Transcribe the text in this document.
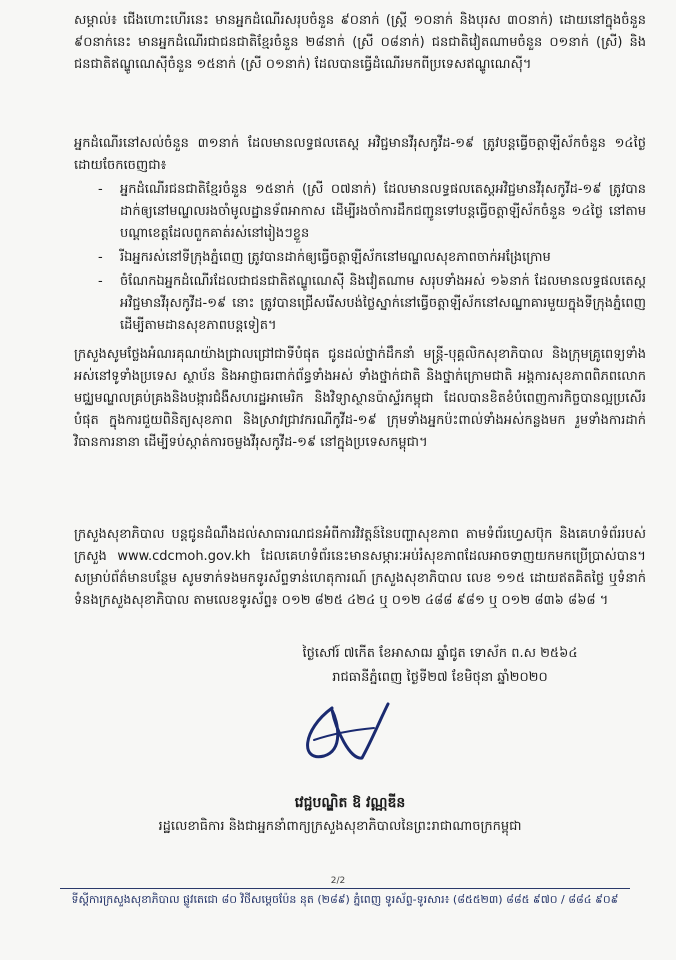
សម្គាល់៖ ជើងហោះហើរនេះ មានអ្នកដំណើរសរុបចំនួន ៩០នាក់ (ស្ត្រី ១០នាក់ និងបុរស ៣០នាក់) ដោយនៅក្នុងចំនួន ៩០នាក់នេះ មានអ្នកដំណើរជាជនជាតិខ្មែរចំនួន ២៨នាក់ (ស្រី ០៨នាក់) ជនជាតិវៀតណាមចំនួន ០១នាក់ (ស្រី) និងជនជាតិឥណ្ឌូណេស៊ីចំនួន ១៥នាក់ (ស្រី ០១នាក់) ដែលបានធ្វើដំណើរមកពីប្រទេសឥណ្ឌូណេស៊ី។

អ្នកដំណើរនៅសល់ចំនួន ៣១នាក់ ដែលមានលទ្ធផលតេស្ត អវិជ្ជមានវីរុសកូវីដ-១៩ ត្រូវបន្តធ្វើចត្តាឡីស័កចំនួន ១៤ថ្ងៃ ដោយចែកចេញជា៖

- អ្នកដំណើរជនជាតិខ្មែរចំនួន ១៥នាក់ (ស្រី ០៧នាក់) ដែលមានលទ្ធផលតេស្តអវិជ្ជមានវីរុសកូវីដ-១៩ ត្រូវបានដាក់ឲ្យនៅមណ្ឌលរងចាំមូលដ្ឋានទ័ពអាកាស ដើម្បីរងចាំការដឹកជញ្ជូនទៅបន្តធ្វើចត្តាឡីស័កចំនួន ១៤ថ្ងៃ នៅតាមបណ្តាខេត្តដែលពួកគាត់រស់នៅរៀងៗខ្លួន
- រីឯអ្នករស់នៅទីក្រុងភ្នំពេញ ត្រូវបានដាក់ឲ្យធ្វើចត្តាឡីស័កនៅមណ្ឌលសុខភាពចាក់អង្រែក្រោម
- ចំណែកឯអ្នកដំណើរដែលជាជនជាតិឥណ្ឌូណេស៊ី និងវៀតណាម សរុបទាំងអស់ ១៦នាក់ ដែលមានលទ្ធផលតេស្ត អវិជ្ជមានវីរុសកូវីដ-១៩ នោះ ត្រូវបានជ្រើសរើសបង់ថ្លៃស្នាក់នៅធ្វើចត្តាឡីស័កនៅសណ្ឋាគារមួយក្នុងទីក្រុងភ្នំពេញ ដើម្បីតាមដានសុខភាពបន្តទៀត។

ក្រសួងសូមថ្លែងអំណរគុណយ៉ាងជ្រាលជ្រៅជាទីបំផុត ជូនដល់ថ្នាក់ដឹកនាំ មន្ត្រី-បុគ្គលិកសុខាភិបាល និងក្រុមគ្រូពេទ្យទាំងអស់នៅទូទាំងប្រទេស ស្ថាប័ន និងអាជ្ញាធរពាក់ព័ន្ធទាំងអស់ ទាំងថ្នាក់ជាតិ និងថ្នាក់ក្រោមជាតិ អង្គការសុខភាពពិភពលោក មជ្ឈមណ្ឌលគ្រប់គ្រងនិងបង្ការជំងឺសហរដ្ឋអាមេរិក និងវិទ្យាស្ថានប៉ាស្ទ័រកម្ពុជា ដែលបានខិតខំបំពេញការកិច្ចបានល្អប្រសើរបំផុត ក្នុងការជួយពិនិត្យសុខភាព និងស្រាវជ្រាវករណីកូវីដ-១៩ ក្រុមទាំងអ្នកប៉ះពាល់ទាំងអស់កន្លងមក រួមទាំងការដាក់វិធានការនានា ដើម្បីទប់ស្កាត់ការចម្លងវីរុសកូវីដ-១៩ នៅក្នុងប្រទេសកម្ពុជា។

ក្រសួងសុខាភិបាល បន្តជូនដំណឹងដល់សាធារណជនអំពីការវិវត្តន៍នៃបញ្ហាសុខភាព តាមទំព័រហ្វេសប៊ុក និងគេហទំព័ររបស់ក្រសួង www.cdcmoh.gov.kh ដែលគេហទំព័រនេះមានសម្ភារៈអប់រំសុខភាពដែលអាចទាញយកមកប្រើប្រាស់បាន។ សម្រាប់ព័ត៌មានបន្ថែម សូមទាក់ទងមកទូរស័ព្ទទាន់ហេតុការណ៍ ក្រសួងសុខាភិបាល លេខ ១១៥ ដោយឥតគិតថ្លៃ ឬទំនាក់ទំនងក្រសួងសុខាភិបាល តាមលេខទូរស័ព្ទ៖ ០១២ ៨២៥ ៤២៤ ឬ ០១២ ៤៨៨ ៩៨១ ឬ ០១២ ៨៣៦ ៨៦៨ ។

ថ្ងៃសៅរ៍ ៧កើត ខែអាសាឍ ឆ្នាំជូត ទោស័ក ព.ស ២៥៦៤
រាជធានីភ្នំពេញ ថ្ងៃទី២៧ ខែមិថុនា ឆ្នាំ២០២០
វេជ្ជបណ្ឌិត ឱ វណ្ណឌីន
រដ្ឋលេខាធិការ និងជាអ្នកនាំពាក្យក្រសួងសុខាភិបាលនៃព្រះរាជាណាចក្រកម្ពុជា
2/2
ទីស្តីការក្រសួងសុខាភិបាល ផ្លូវតេជោ ៨០ វិថីសម្តេចប៉ែន នុត (២៨៩) ភ្នំពេញ ទូរស័ព្ទ-ទូរសារ៖ (៨៥៥២៣) ៨៨៥ ៩៧០ / ៨៨៤ ៩០៩
